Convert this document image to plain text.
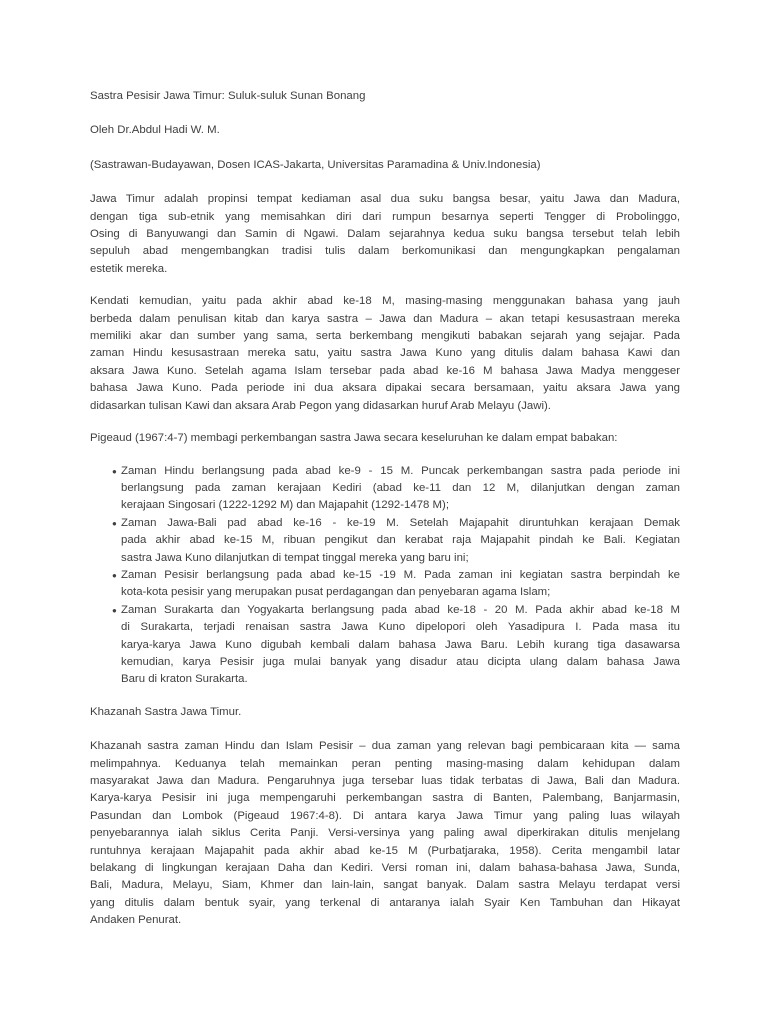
Sastra Pesisir Jawa Timur: Suluk-suluk Sunan Bonang
Oleh Dr.Abdul Hadi W. M.
(Sastrawan-Budayawan, Dosen ICAS-Jakarta, Universitas Paramadina & Univ.Indonesia)
Jawa Timur adalah propinsi tempat kediaman asal dua suku bangsa besar, yaitu Jawa dan Madura,
dengan tiga sub-etnik yang memisahkan diri dari rumpun besarnya seperti Tengger di Probolinggo,
Osing di Banyuwangi dan Samin di Ngawi. Dalam sejarahnya kedua suku bangsa tersebut telah lebih
sepuluh abad mengembangkan tradisi tulis dalam berkomunikasi dan mengungkapkan pengalaman
estetik mereka.
Kendati kemudian, yaitu pada akhir abad ke-18 M, masing-masing menggunakan bahasa yang jauh
berbeda dalam penulisan kitab dan karya sastra – Jawa dan Madura – akan tetapi kesusastraan mereka
memiliki akar dan sumber yang sama, serta berkembang mengikuti babakan sejarah yang sejajar. Pada
zaman Hindu kesusastraan mereka satu, yaitu sastra Jawa Kuno yang ditulis dalam bahasa Kawi dan
aksara Jawa Kuno. Setelah agama Islam tersebar pada abad ke-16 M bahasa Jawa Madya menggeser
bahasa Jawa Kuno. Pada periode ini dua aksara dipakai secara bersamaan, yaitu aksara Jawa yang
didasarkan tulisan Kawi dan aksara Arab Pegon yang didasarkan huruf Arab Melayu (Jawi).
Pigeaud (1967:4-7) membagi perkembangan sastra Jawa secara keseluruhan ke dalam empat babakan:
● Zaman Hindu berlangsung pada abad ke-9 - 15 M. Puncak perkembangan sastra pada periode ini
berlangsung pada zaman kerajaan Kediri (abad ke-11 dan 12 M, dilanjutkan dengan zaman
kerajaan Singosari (1222-1292 M) dan Majapahit (1292-1478 M);
● Zaman Jawa-Bali pad abad ke-16 - ke-19 M. Setelah Majapahit diruntuhkan kerajaan Demak
pada akhir abad ke-15 M, ribuan pengikut dan kerabat raja Majapahit pindah ke Bali. Kegiatan
sastra Jawa Kuno dilanjutkan di tempat tinggal mereka yang baru ini;
● Zaman Pesisir berlangsung pada abad ke-15 -19 M. Pada zaman ini kegiatan sastra berpindah ke
kota-kota pesisir yang merupakan pusat perdagangan dan penyebaran agama Islam;
● Zaman Surakarta dan Yogyakarta berlangsung pada abad ke-18 - 20 M. Pada akhir abad ke-18 M
di Surakarta, terjadi renaisan sastra Jawa Kuno dipelopori oleh Yasadipura I. Pada masa itu
karya-karya Jawa Kuno digubah kembali dalam bahasa Jawa Baru. Lebih kurang tiga dasawarsa
kemudian, karya Pesisir juga mulai banyak yang disadur atau dicipta ulang dalam bahasa Jawa
Baru di kraton Surakarta.
Khazanah Sastra Jawa Timur.
Khazanah sastra zaman Hindu dan Islam Pesisir – dua zaman yang relevan bagi pembicaraan kita — sama
melimpahnya. Keduanya telah memainkan peran penting masing-masing dalam kehidupan dalam
masyarakat Jawa dan Madura. Pengaruhnya juga tersebar luas tidak terbatas di Jawa, Bali dan Madura.
Karya-karya Pesisir ini juga mempengaruhi perkembangan sastra di Banten, Palembang, Banjarmasin,
Pasundan dan Lombok (Pigeaud 1967:4-8). Di antara karya Jawa Timur yang paling luas wilayah
penyebarannya ialah siklus Cerita Panji. Versi-versinya yang paling awal diperkirakan ditulis menjelang
runtuhnya kerajaan Majapahit pada akhir abad ke-15 M (Purbatjaraka, 1958). Cerita mengambil latar
belakang di lingkungan kerajaan Daha dan Kediri. Versi roman ini, dalam bahasa-bahasa Jawa, Sunda,
Bali, Madura, Melayu, Siam, Khmer dan lain-lain, sangat banyak. Dalam sastra Melayu terdapat versi
yang ditulis dalam bentuk syair, yang terkenal di antaranya ialah Syair Ken Tambuhan dan Hikayat
Andaken Penurat.
